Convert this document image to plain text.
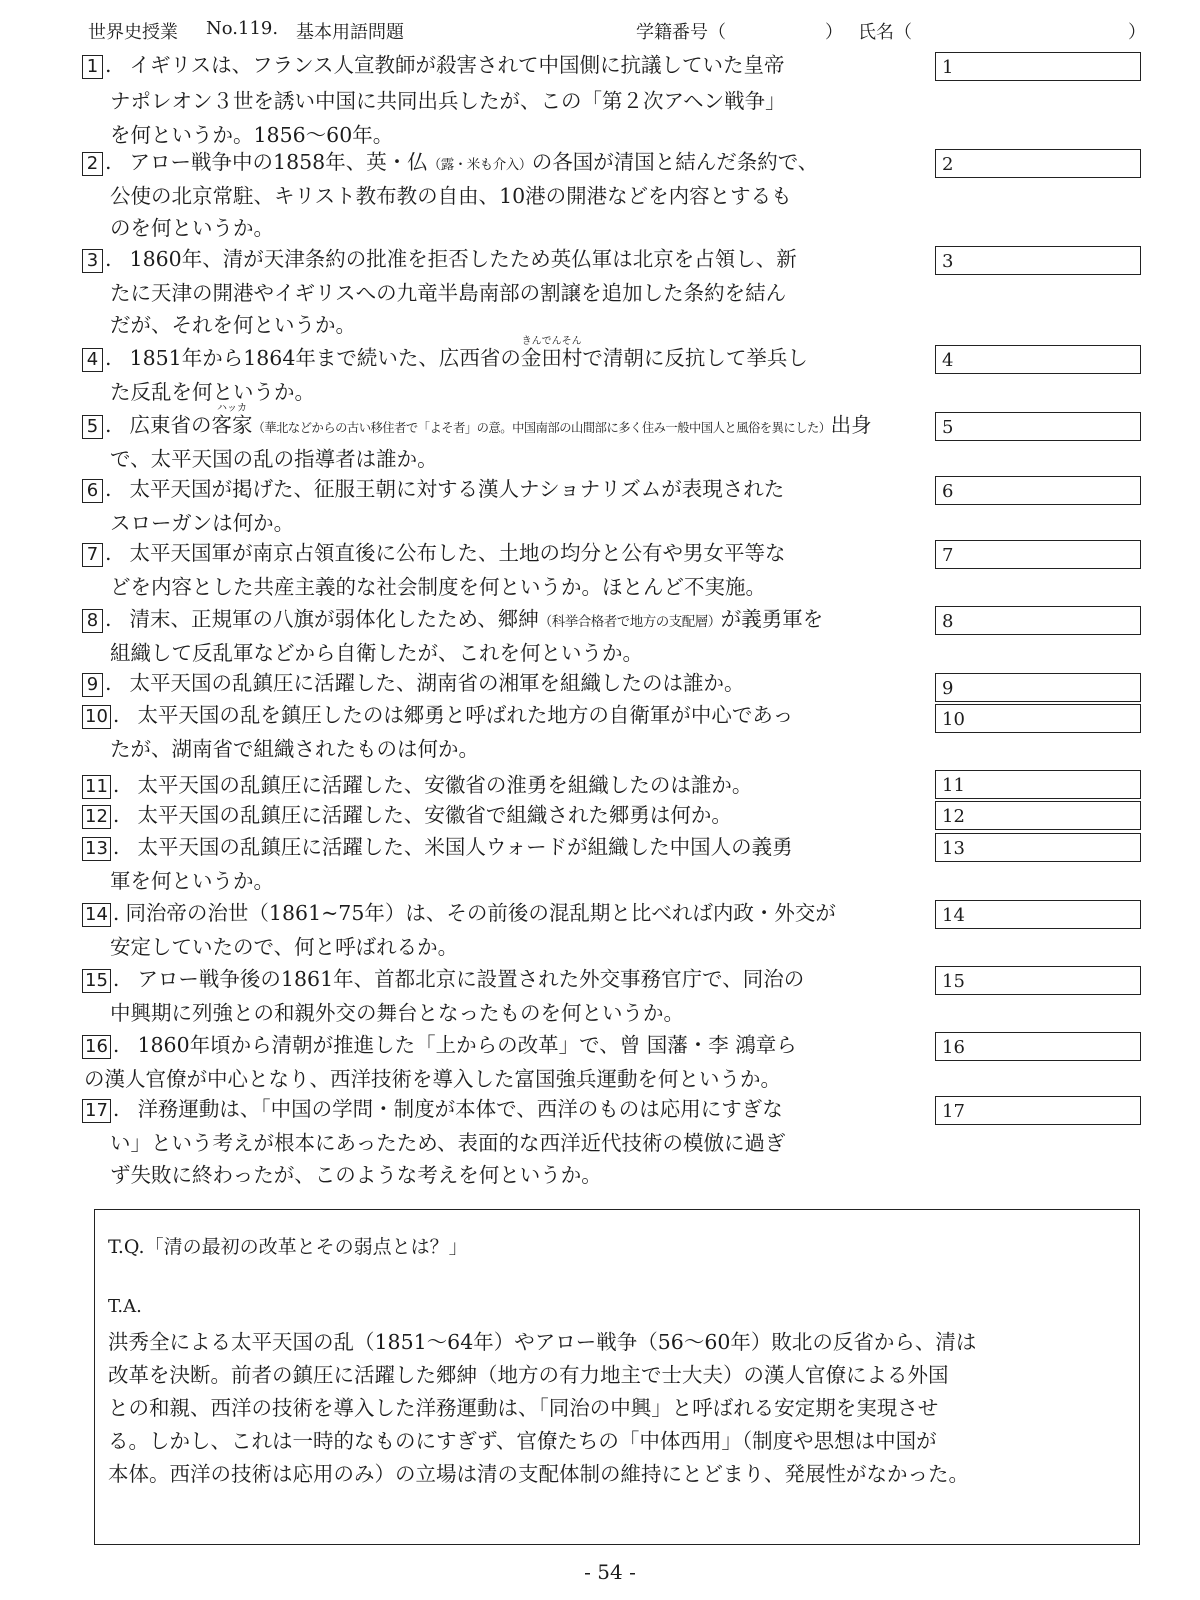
世界史授業 No.119. 基本用語問題	学籍番号（	） 氏名（	）
1 . イギリスは、フランス人宣教師が殺害されて中国側に抗議していた皇帝
ナポレオン３世を誘い中国に共同出兵したが、この「第２次アヘン戦争」
を何というか。1856〜60年。
1
2 . アロー戦争中の1858年、英・仏（露・米も介入）の各国が清国と結んだ条約で、
公使の北京常駐、キリスト教布教の自由、10港の開港などを内容とするも
のを何というか。
2
3 . 1860年、清が天津条約の批准を拒否したため英仏軍は北京を占領し、新
たに天津の開港やイギリスへの九竜半島南部の割譲を追加した条約を結ん
だが、それを何というか。
3
4 . 1851年から1864年まで続いた、広西省の
きんでんそん
金田村で清朝に反抗して挙兵し
た反乱を何というか。
4
5 . 広東省の
ハッカ
客家（華北などからの古い移住者で「よそ者」の意。中国南部の山間部に多く住み一般中国人と風俗を異にした）出身
で、太平天国の乱の指導者は誰か。
5
6 . 太平天国が掲げた、征服王朝に対する漢人ナショナリズムが表現された
スローガンは何か。
6
7 . 太平天国軍が南京占領直後に公布した、土地の均分と公有や男女平等な
どを内容とした共産主義的な社会制度を何というか。ほとんど不実施。
7
8 . 清末、正規軍の八旗が弱体化したため、郷紳（科挙合格者で地方の支配層）が義勇軍を
組織して反乱軍などから自衛したが、これを何というか。
8
9 . 太平天国の乱鎮圧に活躍した、湖南省の湘軍を組織したのは誰か。	9
10 . 太平天国の乱を鎮圧したのは郷勇と呼ばれた地方の自衛軍が中心であっ
たが、湖南省で組織されたものは何か。
10
11 . 太平天国の乱鎮圧に活躍した、安徽省の淮勇を組織したのは誰か。	11
12 . 太平天国の乱鎮圧に活躍した、安徽省で組織された郷勇は何か。	12
13 . 太平天国の乱鎮圧に活躍した、米国人ウォードが組織した中国人の義勇
軍を何というか。
13
14 . 同治帝の治世（1861~75年）は、その前後の混乱期と比べれば内政・外交が
安定していたので、何と呼ばれるか。
14
15 . アロー戦争後の1861年、首都北京に設置された外交事務官庁で、同治の
中興期に列強との和親外交の舞台となったものを何というか。
15
16 . 1860年頃から清朝が推進した「上からの改革」で、曾 国藩・李 鴻章ら
の漢人官僚が中心となり、西洋技術を導入した富国強兵運動を何というか。
16
17 . 洋務運動は、「中国の学問・制度が本体で、西洋のものは応用にすぎな
い」という考えが根本にあったため、表面的な西洋近代技術の模倣に過ぎ
ず失敗に終わったが、このような考えを何というか。
17
T.Q.「清の最初の改革とその弱点とは？」
T.A.
洪秀全による太平天国の乱（1851〜64年）やアロー戦争（56〜60年）敗北の反省から、清は
改革を決断。前者の鎮圧に活躍した郷紳（地方の有力地主で士大夫）の漢人官僚による外国
との和親、西洋の技術を導入した洋務運動は、「同治の中興」と呼ばれる安定期を実現させ
る。しかし、これは一時的なものにすぎず、官僚たちの「中体西用」（制度や思想は中国が
本体。西洋の技術は応用のみ）の立場は清の支配体制の維持にとどまり、発展性がなかった。
- 54 -
